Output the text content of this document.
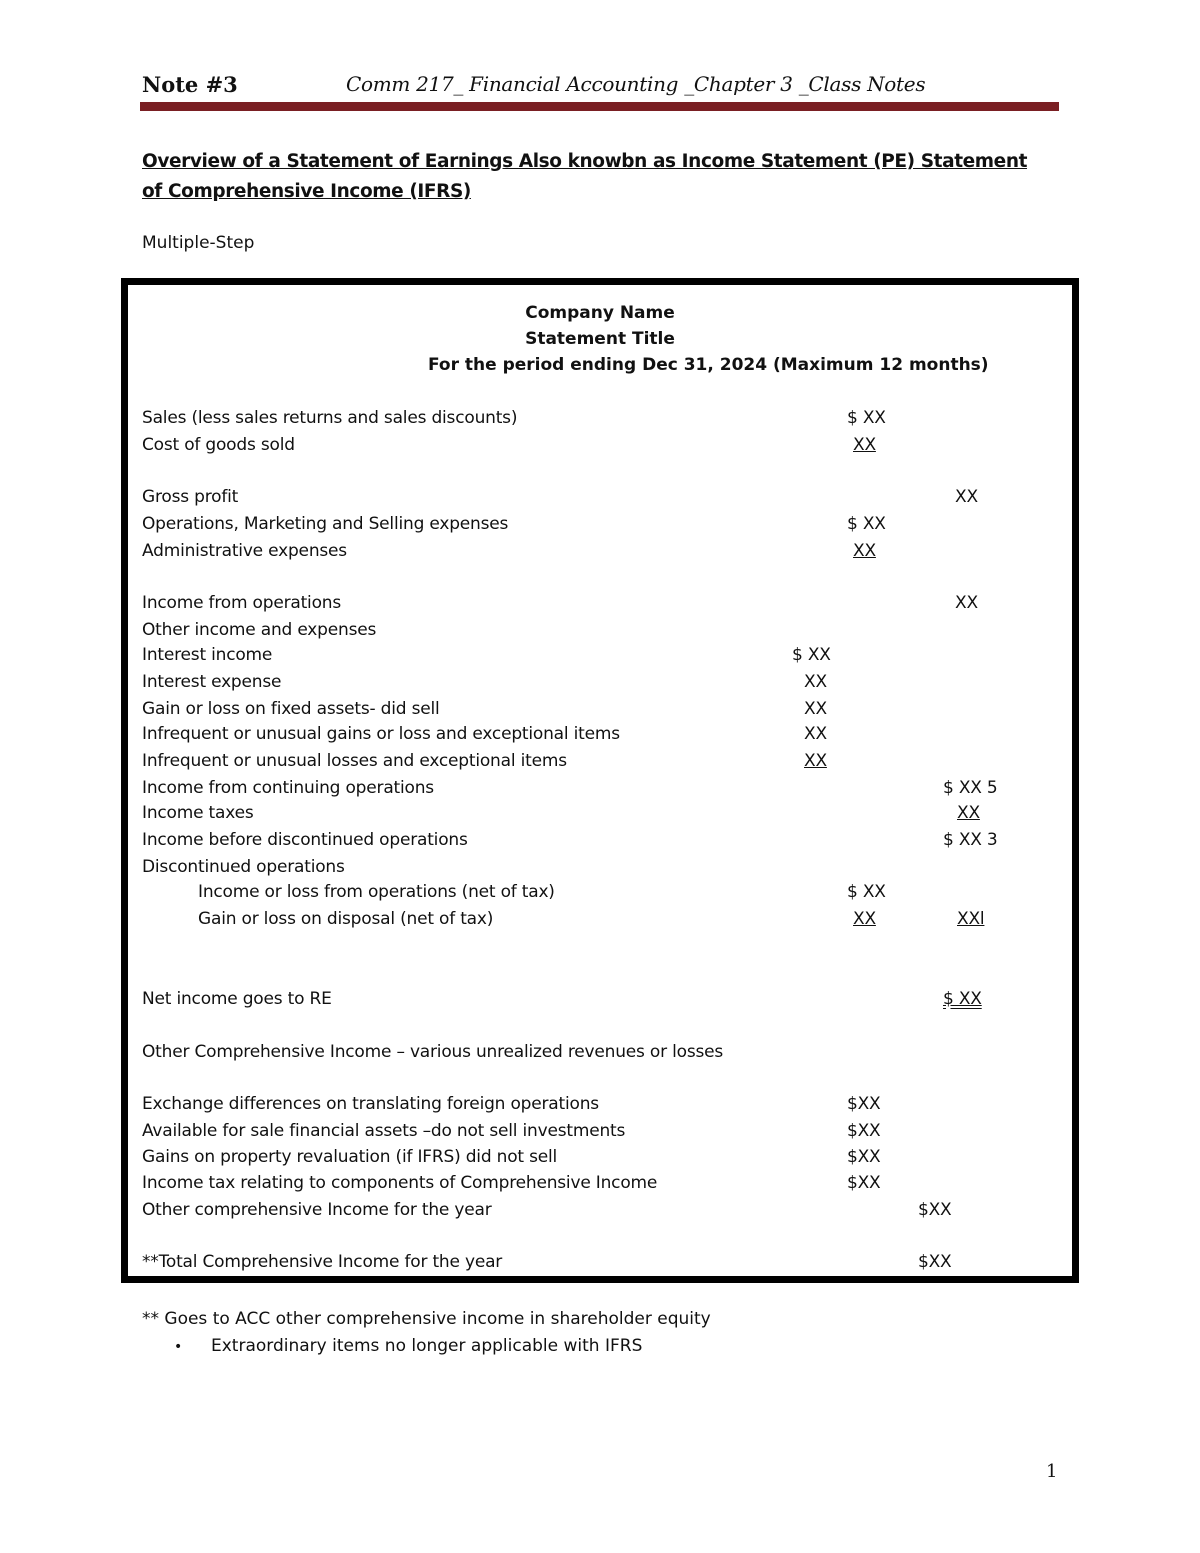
Note #3	Comm 217_ Financial Accounting _Chapter 3 _Class Notes
Overview of a Statement of Earnings Also knowbn as Income Statement (PE) Statement of Comprehensive Income (IFRS)
Multiple-Step
Company Name
Statement Title
For the period ending Dec 31, 2024 (Maximum 12 months)
Sales (less sales returns and sales discounts)	$ XX
Cost of goods sold	XX
Gross profit	XX
Operations, Marketing and Selling expenses	$ XX
Administrative expenses	XX
Income from operations	XX
Other income and expenses
Interest income	$ XX
Interest expense	XX
Gain or loss on fixed assets- did sell	XX
Infrequent or unusual gains or loss and exceptional items	XX
Infrequent or unusual losses and exceptional items	XX
Income from continuing operations	$ XX 5
Income taxes	XX
Income before discontinued operations	$ XX 3
Discontinued operations
Income or loss from operations (net of tax)	$ XX
Gain or loss on disposal (net of tax)	XX	XXl
Net income goes to RE	$ XX
Other Comprehensive Income – various unrealized revenues or losses
Exchange differences on translating foreign operations	$XX
Available for sale financial assets –do not sell investments	$XX
Gains on property revaluation (if IFRS) did not sell	$XX
Income tax relating to components of Comprehensive Income	$XX
Other comprehensive Income for the year	$XX
**Total Comprehensive Income for the year	$XX
** Goes to ACC other comprehensive income in shareholder equity
• Extraordinary items no longer applicable with IFRS
1
